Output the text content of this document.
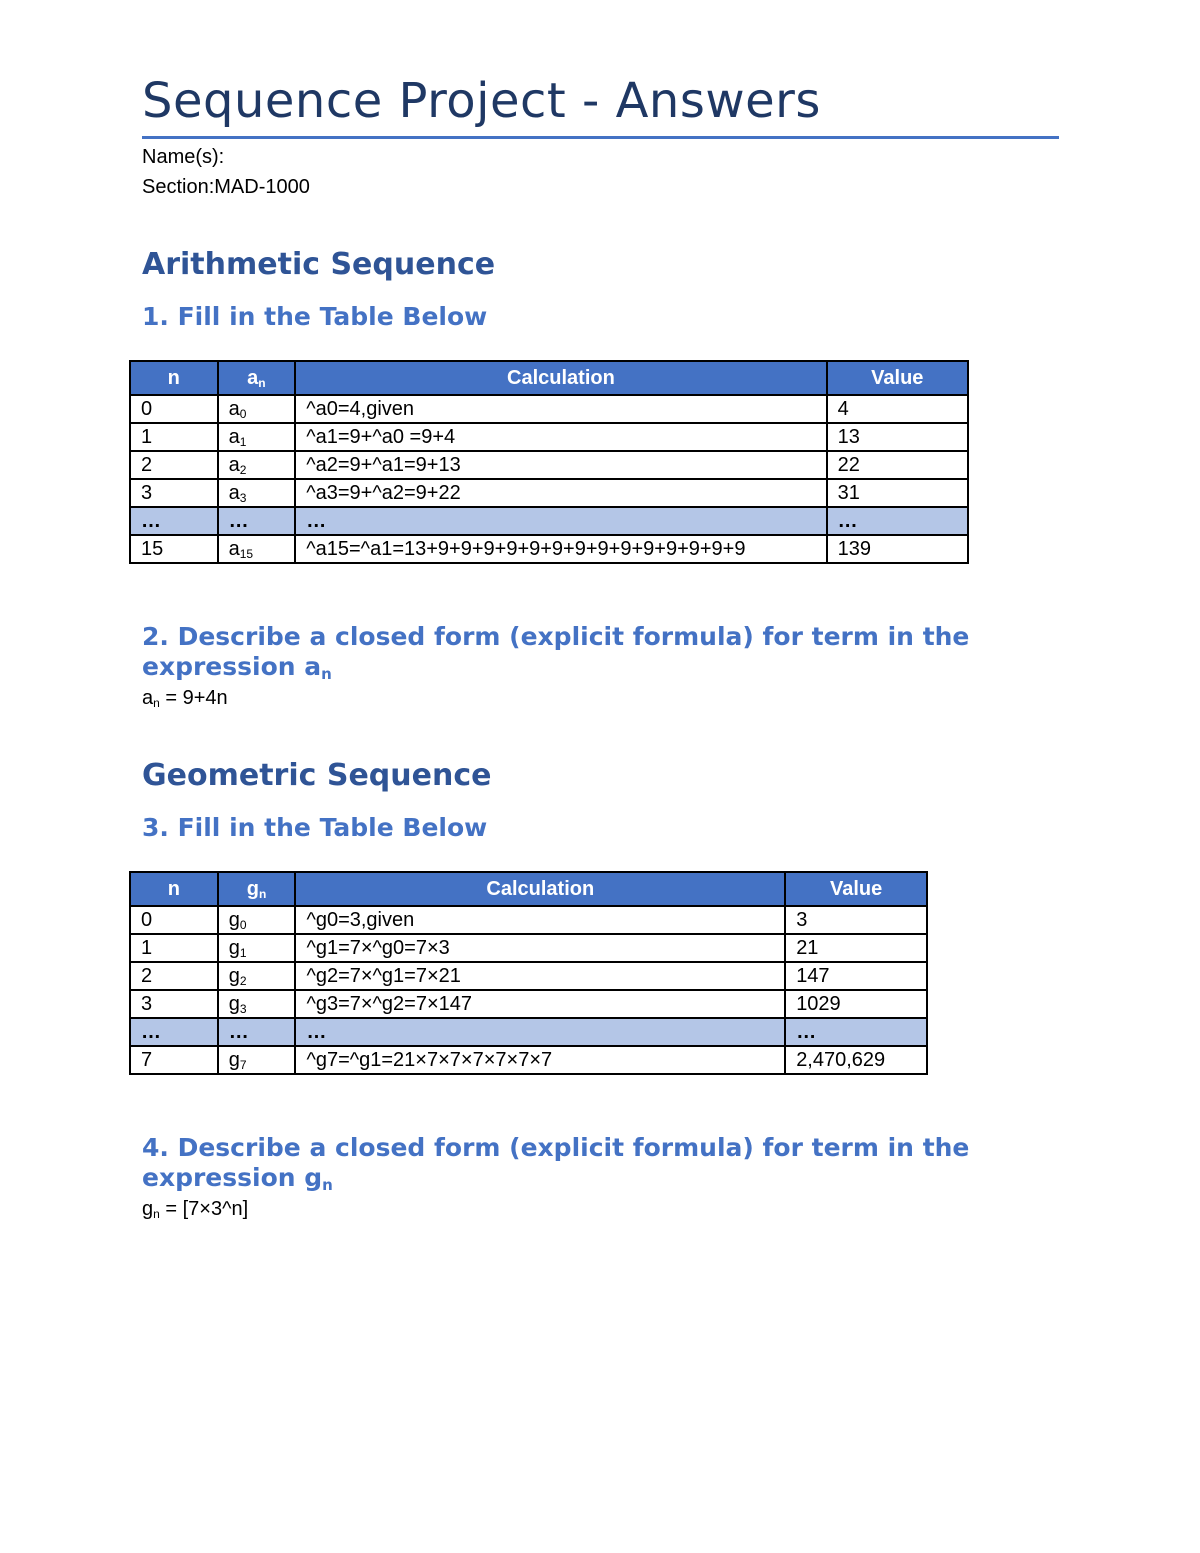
Sequence Project - Answers
Name(s):
Section:MAD-1000
Arithmetic Sequence
1. Fill in the Table Below
n	$a_n$	Calculation	Value
0	$a_0$	^a0=4,given	4
1	$a_1$	^a1=9+^a0 =9+4	13
2	$a_2$	^a2=9+^a1=9+13	22
3	$a_3$	^a3=9+^a2=9+22	31
…	…	…	…
15	$a_{15}$	^a15=^a1=13+9+9+9+9+9+9+9+9+9+9+9+9+9+9	139
2. Describe a closed form (explicit formula) for term in the
expression $a_n$
$a_n = 9+4n$
Geometric Sequence
3. Fill in the Table Below
n	$g_n$	Calculation	Value
0	$g_0$	^g0=3,given	3
1	$g_1$	^g1=7×^g0=7×3	21
2	$g_2$	^g2=7×^g1=7×21	147
3	$g_3$	^g3=7×^g2=7×147	1029
…	…	…	…
7	$g_7$	^g7=^g1=21×7×7×7×7×7×7	2,470,629
4. Describe a closed form (explicit formula) for term in the
expression $g_n$
$g_n$ = [7×3^n]
